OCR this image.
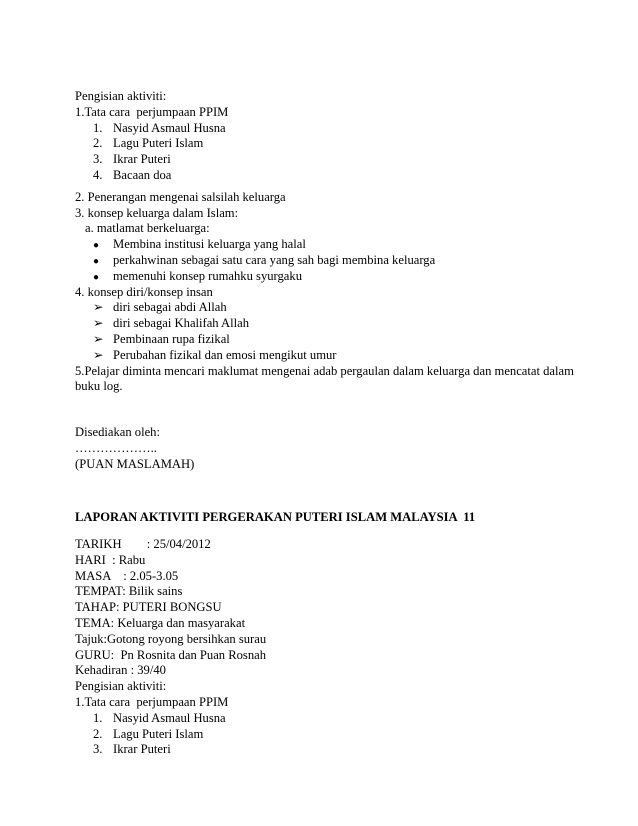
Pengisian aktiviti:
1.Tata cara  perjumpaan PPIM
1. Nasyid Asmaul Husna
2. Lagu Puteri Islam
3. Ikrar Puteri
4. Bacaan doa
2. Penerangan mengenai salsilah keluarga
3. konsep keluarga dalam Islam:
a. matlamat berkeluarga:
● Membina institusi keluarga yang halal
● perkahwinan sebagai satu cara yang sah bagi membina keluarga
● memenuhi konsep rumahku syurgaku
4. konsep diri/konsep insan
➢ diri sebagai abdi Allah
➢ diri sebagai Khalifah Allah
➢ Pembinaan rupa fizikal
➢ Perubahan fizikal dan emosi mengikut umur
5.Pelajar diminta mencari maklumat mengenai adab pergaulan dalam keluarga dan mencatat dalam buku log.
Disediakan oleh:
………………..
(PUAN MASLAMAH)
LAPORAN AKTIVITI PERGERAKAN PUTERI ISLAM MALAYSIA  11
TARIKH        : 25/04/2012
HARI  : Rabu
MASA    : 2.05-3.05
TEMPAT: Bilik sains
TAHAP: PUTERI BONGSU
TEMA: Keluarga dan masyarakat
Tajuk:Gotong royong bersihkan surau
GURU:  Pn Rosnita dan Puan Rosnah
Kehadiran : 39/40
Pengisian aktiviti:
1.Tata cara  perjumpaan PPIM
1. Nasyid Asmaul Husna
2. Lagu Puteri Islam
3. Ikrar Puteri
